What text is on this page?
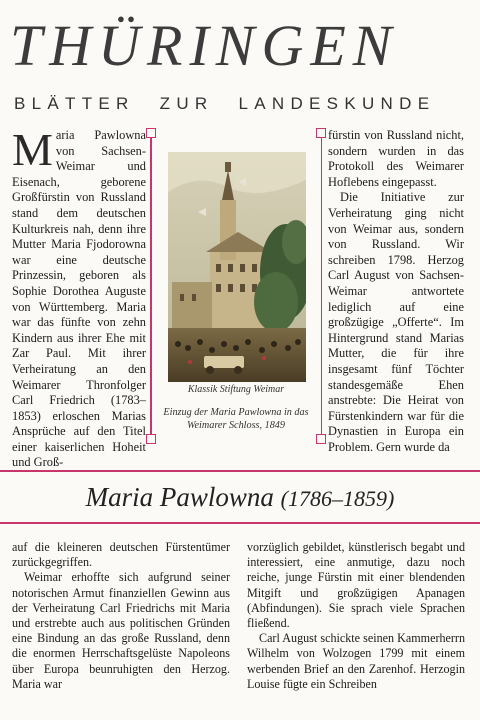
THÜRINGEN
BLÄTTER ZUR LANDESKUNDE

Maria Pawlowna von Sachsen-Weimar und Eisenach, geborene Großfürstin von Russland stand dem deutschen Kulturkreis nah, denn ihre Mutter Maria Fjodorowna war eine deutsche Prinzessin, geboren als Sophie Dorothea Auguste von Württemberg. Maria war das fünfte von zehn Kindern aus ihrer Ehe mit Zar Paul. Mit ihrer Verheiratung an den Weimarer Thronfolger Carl Friedrich (1783–1853) erloschen Marias Ansprüche auf den Titel einer kaiserlichen Hoheit und Groß-

Klassik Stiftung Weimar
Einzug der Maria Pawlowna in das Weimarer Schloss, 1849

fürstin von Russland nicht, sondern wurden in das Protokoll des Weimarer Hoflebens eingepasst.

Die Initiative zur Verheiratung ging nicht von Weimar aus, sondern von Russland. Wir schreiben 1798. Herzog Carl August von Sachsen-Weimar antwortete lediglich auf eine großzügige „Offerte“. Im Hintergrund stand Marias Mutter, die für ihre insgesamt fünf Töchter standesgemäße Ehen anstrebte: Die Heirat von Fürstenkindern war für die Dynastien in Europa ein Problem. Gern wurde da

Maria Pawlowna (1786–1859)

auf die kleineren deutschen Fürstentümer zurückgegriffen.

Weimar erhoffte sich aufgrund seiner notorischen Armut finanziellen Gewinn aus der Verheiratung Carl Friedrichs mit Maria und erstrebte auch aus politischen Gründen eine Bindung an das große Russland, denn die enormen Herrschaftsgelüste Napoleons über Europa beunruhigten den Herzog. Maria war

vorzüglich gebildet, künstlerisch begabt und interessiert, eine anmutige, dazu noch reiche, junge Fürstin mit einer blendenden Mitgift und großzügigen Apanagen (Abfindungen). Sie sprach viele Sprachen fließend.

Carl August schickte seinen Kammerherrn Wilhelm von Wolzogen 1799 mit einem werbenden Brief an den Zarenhof. Herzogin Louise fügte ein Schreiben
